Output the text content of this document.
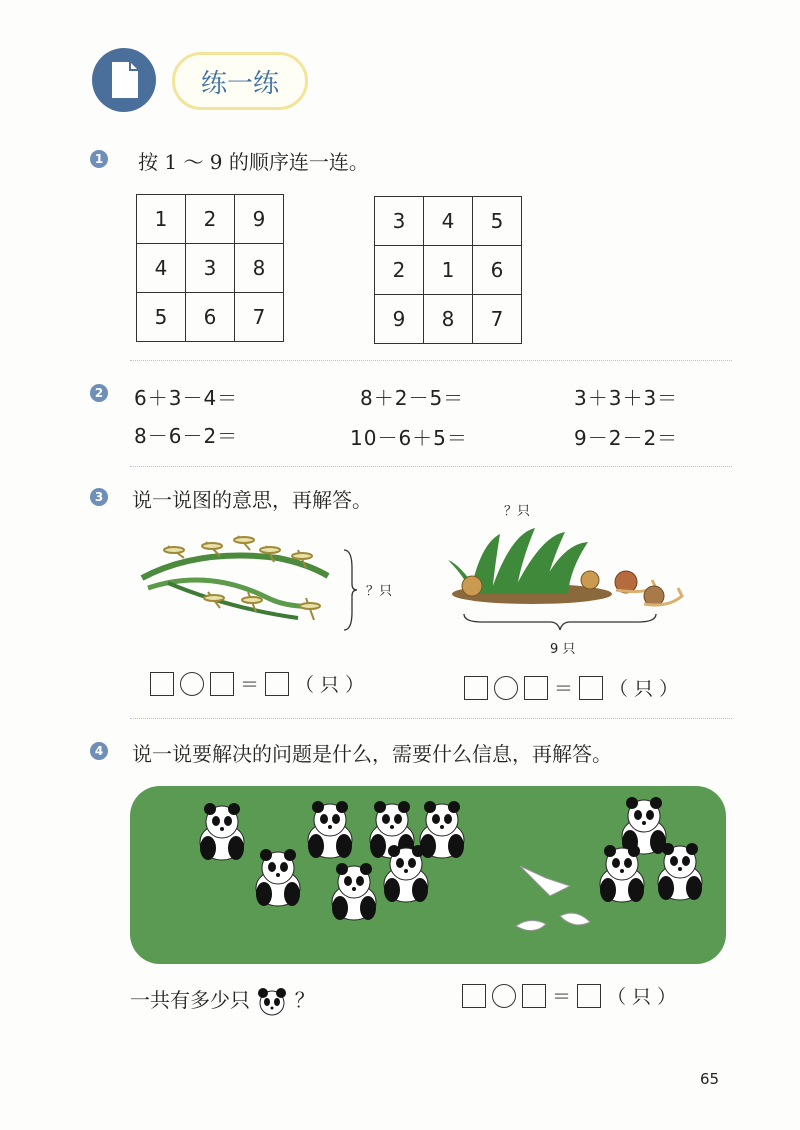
练一练
1 按 1 ～ 9 的顺序连一连。
1	2	9
4	3	8
5	6	7
3	4	5
2	1	6
9	8	7
2 6＋3－4＝	8＋2－5＝	3＋3＋3＝
8－6－2＝	10－6＋5＝	9－2－2＝
3 说一说图的意思，再解答。
？只
？只
9 只
＝ （ 只 ）	＝ （ 只 ）
4 说一说要解决的问题是什么，需要什么信息，再解答。
一共有多少只 ？	＝ （ 只 ）
65
